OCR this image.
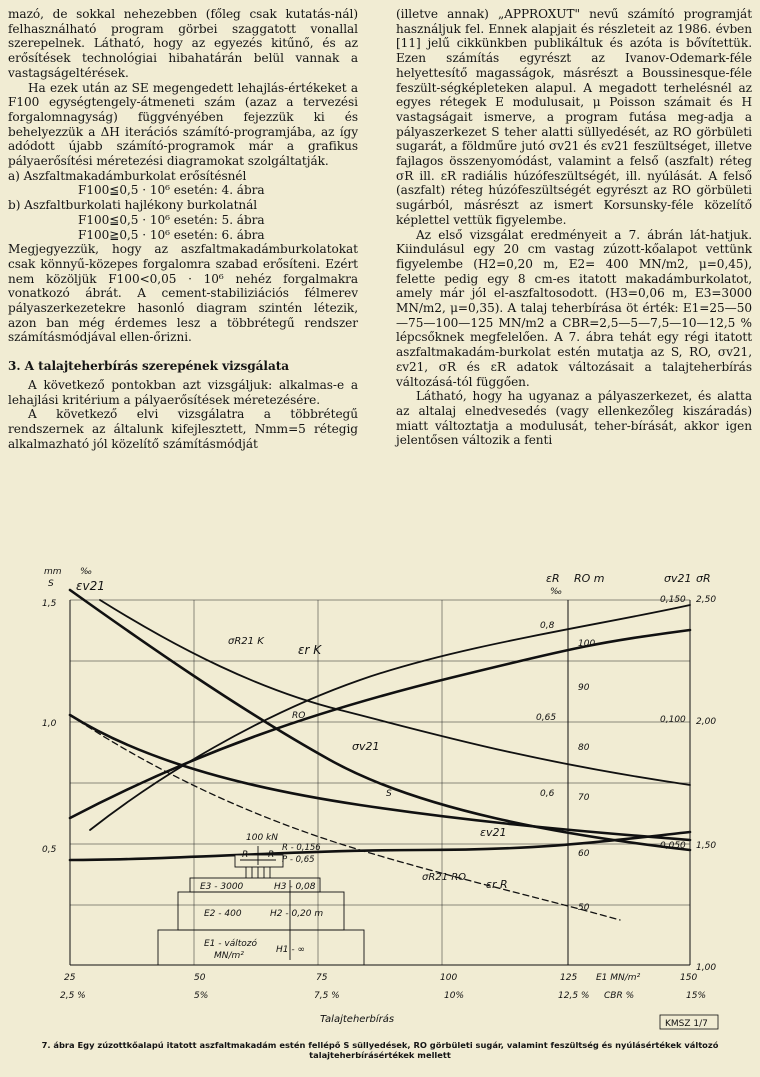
mazó, de sokkal nehezebben (főleg csak kutatás-nál) felhasználható program görbei szaggatott vonallal szerepelnek. Látható, hogy az egyezés kitűnő, és az erősítések technológiai hibahatárán belül vannak a vastagságeltérések.

Ha ezek után az SE megengedett lehajlás-értékeket a F100 egységtengely-átmeneti szám (azaz a tervezési forgalomnagyság) függvényében fejezzük ki és behelyezzük a ΔH iterációs számító-programjába, az így adódott újabb számító-programok már a grafikus pályaerősítési méretezési diagramokat szolgáltatják.

a) Aszfaltmakadámburkolat erősítésnél

F100≦0,5 · 10⁶ esetén: 4. ábra

b) Aszfaltburkolati hajlékony burkolatnál

F100≦0,5 · 10⁶ esetén: 5. ábra

F100≧0,5 · 10⁶ esetén: 6. ábra

Megjegyezzük, hogy az aszfaltmakadámburkolatokat csak könnyű-közepes forgalomra szabad erősíteni. Ezért nem közöljük F100<0,05 · 10⁶ nehéz forgalmakra vonatkozó ábrát. A cement-stabiliziációs félmerev pályaszerkezetekre hasonló diagram szintén létezik, azon ban még érdemes lesz a többrétegű rendszer számításmódjával ellen-őrizni.

3. A talajteherbírás szerepének vizsgálata

A következő pontokban azt vizsgáljuk: alkalmas-e a lehajlási kritérium a pályaerősítések méretezésére.

A következő elvi vizsgálatra a többrétegű rendszernek az általunk kifejlesztett, Nmm=5 rétegig alkalmazható jól közelítő számításmódját

(illetve annak) „APPROXUT" nevű számító programját használjuk fel. Ennek alapjait és részleteit az 1986. évben [11] jelű cikkünkben publikáltuk és azóta is bővítettük. Ezen számítás egyrészt az Ivanov-Odemark-féle helyettesítő magasságok, másrészt a Boussinesque-féle feszült-ségképleteken alapul. A megadott terhelésnél az egyes rétegek E modulusait, μ Poisson számait és H vastagságait ismerve, a program futása meg-adja a pályaszerkezet S teher alatti süllyedését, az RO görbületi sugarát, a földműre jutó σv21 és εv21 feszültséget, illetve fajlagos összenyomódást, valamint a felső (aszfalt) réteg σR ill. εR radiális húzófeszültségét, ill. nyúlását. A felső (aszfalt) réteg húzófeszültségét egyrészt az RO görbületi sugárból, másrészt az ismert Korsunsky-féle közelítő képlettel vettük figyelembe.

Az első vizsgálat eredményeit a 7. ábrán lát-hatjuk. Kiindulásul egy 20 cm vastag zúzott-kőalapot vettünk figyelembe (H2=0,20 m, E2= 400 MN/m2, μ=0,45), felette pedig egy 8 cm-es itatott makadámburkolatot, amely már jól el-aszfaltosodott. (H3=0,06 m, E3=3000 MN/m2, μ=0,35). A talaj teherbírása öt érték: E1=25—50—75—100—125 MN/m2 a CBR=2,5—5—7,5—10—12,5 % lépcsőknek megfelelően. A 7. ábra tehát egy régi itatott aszfaltmakadám-burkolat estén mutatja az S, RO, σv21, εv21, σR és εR adatok változásait a talajteherbírás változásá-tól függően.

Látható, hogy ha ugyanaz a pályaszerkezet, és alatta az altalaj elnedvesedés (vagy ellenkezőleg kiszáradás) miatt változtatja a modulusát, teher-bírását, akkor igen jelentősen változik a fenti

mm
S
‰
εv21
εR RO m
‰
σv21 σR
1,5
1,0
0,5
0,8
0,65
0,6
100
90
80
70
60
50
0,150
0,100
0,050
2,50
2,00
1,50
1,00
25	50	75	100	125	150
E1 MN/m²
2,5 %	5%	7,5 %	10%	12,5 %	15%
CBR %
Talajteherbírás	KMSZ 1/7
σR21 K
εr K
RO
σv21
S
εv21
σR21 RO
εr R
100 kN
R R
R - 0,156
P - 0,65
E3 - 3000	H3 - 0,08
E2 - 400	H2 - 0,20 m
E1 - változó
MN/m²
H1 - ∞
7. ábra Egy zúzottkőalapú itatott aszfaltmakadám estén fellépő S süllyedések, RO görbületi sugár, valamint feszültség és nyúlásértékek változó talajteherbírásértékek mellett
